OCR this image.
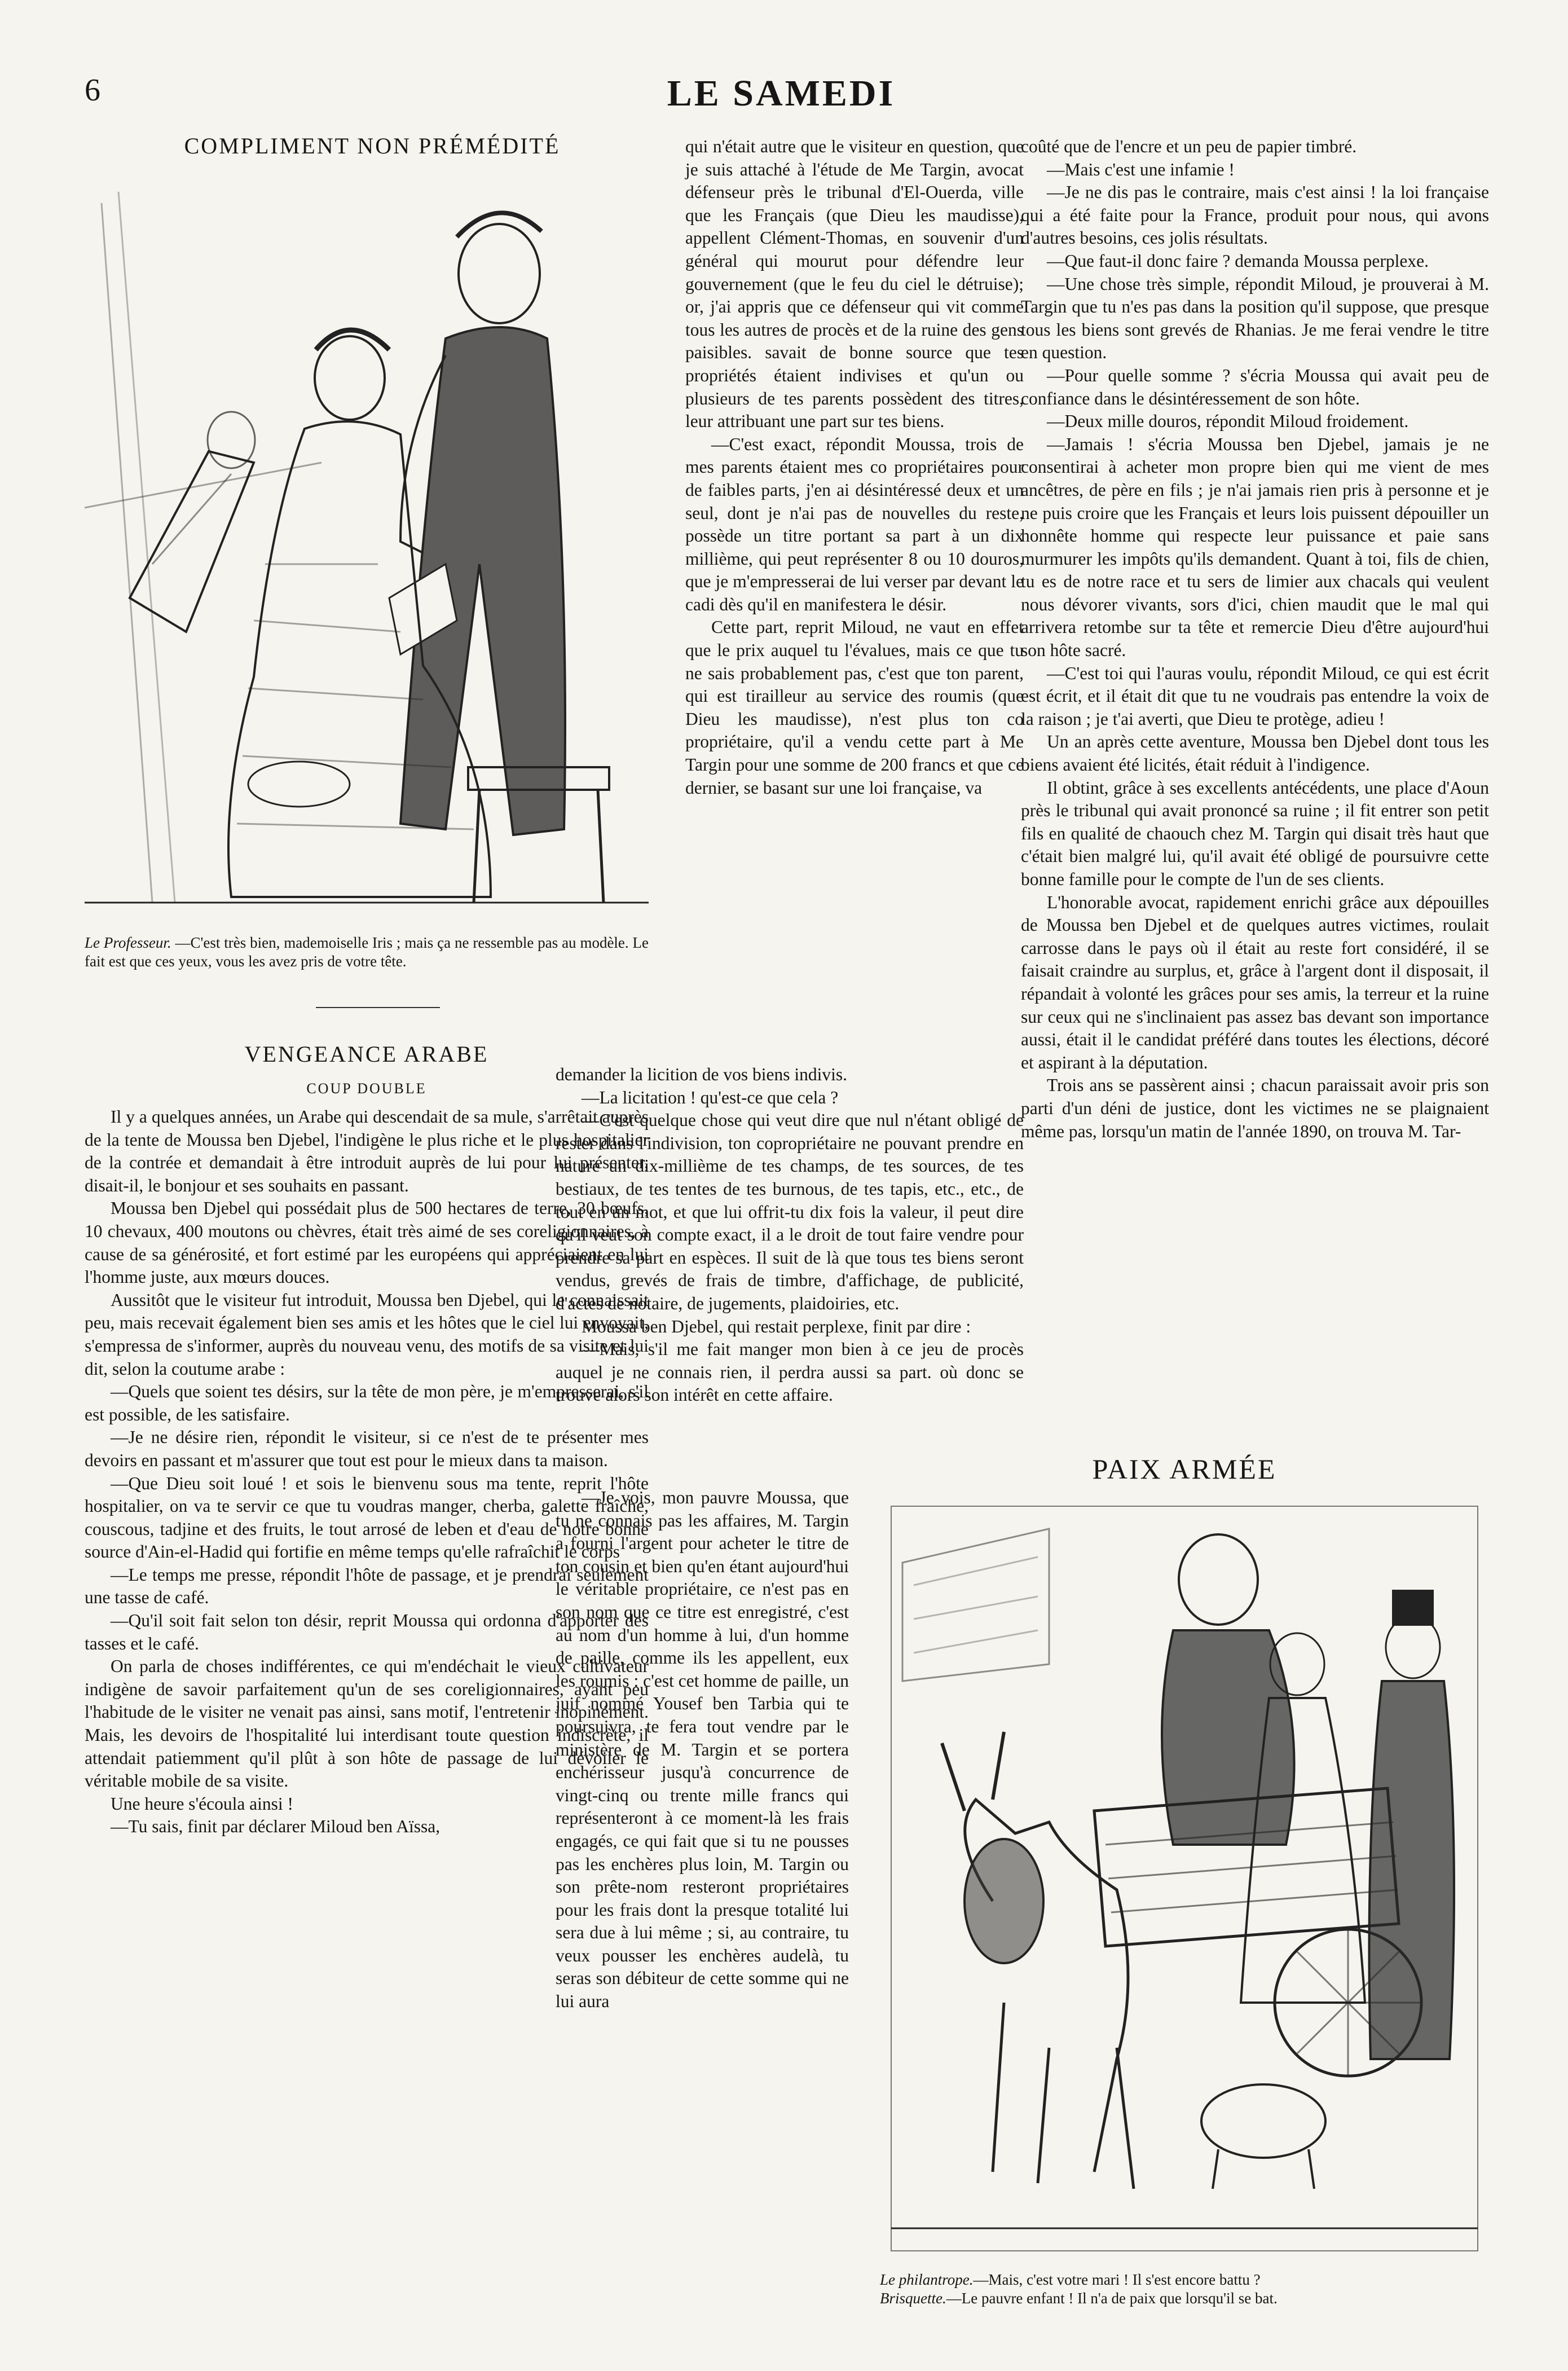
6	LE SAMEDI
COMPLIMENT NON PRÉMÉDITÉ
Le Professeur. —C'est très bien, mademoiselle Iris ; mais ça ne ressemble pas au modèle. Le fait est que ces yeux, vous les avez pris de votre tête.
VENGEANCE ARABE
COUP DOUBLE

Il y a quelques années, un Arabe qui descendait de sa mule, s'arrêtait auprès de la tente de Moussa ben Djebel, l'indigène le plus riche et le plus hospitalier de la contrée et demandait à être introduit auprès de lui pour lui présenter, disait-il, le bonjour et ses souhaits en passant.

Moussa ben Djebel qui possédait plus de 500 hectares de terre, 30 bœufs, 10 chevaux, 400 moutons ou chèvres, était très aimé de ses coreligionnaires, à cause de sa générosité, et fort estimé par les européens qui appréciaient en lui l'homme juste, aux mœurs douces.

Aussitôt que le visiteur fut introduit, Moussa ben Djebel, qui le connaissait peu, mais recevait également bien ses amis et les hôtes que le ciel lui envoyait, s'empressa de s'informer, auprès du nouveau venu, des motifs de sa visite et lui dit, selon la coutume arabe :

—Quels que soient tes désirs, sur la tête de mon père, je m'empresserai, s'il est possible, de les satisfaire.

—Je ne désire rien, répondit le visiteur, si ce n'est de te présenter mes devoirs en passant et m'assurer que tout est pour le mieux dans ta maison.

—Que Dieu soit loué ! et sois le bienvenu sous ma tente, reprit l'hôte hospitalier, on va te servir ce que tu voudras manger, cherba, galette fraîche, couscous, tadjine et des fruits, le tout arrosé de leben et d'eau de notre bonne source d'Ain-el-Hadid qui fortifie en même temps qu'elle rafraîchit le corps

—Le temps me presse, répondit l'hôte de passage, et je prendrai seulement une tasse de café.

—Qu'il soit fait selon ton désir, reprit Moussa qui ordonna d'apporter des tasses et le café.

On parla de choses indifférentes, ce qui m'endéchait le vieux cultivateur indigène de savoir parfaitement qu'un de ses coreligionnaires, ayant peu l'habitude de le visiter ne venait pas ainsi, sans motif, l'entretenir inopinément. Mais, les devoirs de l'hospitalité lui interdisant toute question indiscrète, il attendait patiemment qu'il plût à son hôte de passage de lui dévoiler le véritable mobile de sa visite.

Une heure s'écoula ainsi !

—Tu sais, finit par déclarer Miloud ben Aïssa,

qui n'était autre que le visiteur en question, que je suis attaché à l'étude de Me Targin, avocat défenseur près le tribunal d'El-Ouerda, ville que les Français (que Dieu les maudisse), appellent Clément-Thomas, en souvenir d'un général qui mourut pour défendre leur gouvernement (que le feu du ciel le détruise); or, j'ai appris que ce défenseur qui vit comme tous les autres de procès et de la ruine des gens paisibles. savait de bonne source que tes propriétés étaient indivises et qu'un ou plusieurs de tes parents possèdent des titres, leur attribuant une part sur tes biens.

—C'est exact, répondit Moussa, trois de mes parents étaient mes co propriétaires pour de faibles parts, j'en ai désintéressé deux et un seul, dont je n'ai pas de nouvelles du reste, possède un titre portant sa part à un dix millième, qui peut représenter 8 ou 10 douros, que je m'empresserai de lui verser par devant le cadi dès qu'il en manifestera le désir.

Cette part, reprit Miloud, ne vaut en effet que le prix auquel tu l'évalues, mais ce que tu ne sais probablement pas, c'est que ton parent, qui est tirailleur au service des roumis (que Dieu les maudisse), n'est plus ton co propriétaire, qu'il a vendu cette part à Me Targin pour une somme de 200 francs et que ce dernier, se basant sur une loi française, va

demander la licition de vos biens indivis.

—La licitation ! qu'est-ce que cela ?

—C'est quelque chose qui veut dire que nul n'étant obligé de rester dans l'indivision, ton copropriétaire ne pouvant prendre en nature un dix-millième de tes champs, de tes sources, de tes bestiaux, de tes tentes de tes burnous, de tes tapis, etc., etc., de tout en un mot, et que lui offrit-tu dix fois la valeur, il peut dire qu'il veut son compte exact, il a le droit de tout faire vendre pour prendre sa part en espèces. Il suit de là que tous tes biens seront vendus, grevés de frais de timbre, d'affichage, de publicité, d'actes de notaire, de jugements, plaidoiries, etc.

Moussa ben Djebel, qui restait perplexe, finit par dire :

—Mais, s'il me fait manger mon bien à ce jeu de procès auquel je ne connais rien, il perdra aussi sa part. où donc se trouve alors son intérêt en cette affaire.

—Je vois, mon pauvre Moussa, que tu ne connais pas les affaires, M. Targin a fourni l'argent pour acheter le titre de ton cousin et bien qu'en étant aujourd'hui le véritable propriétaire, ce n'est pas en son nom que ce titre est enregistré, c'est au nom d'un homme à lui, d'un homme de paille, comme ils les appellent, eux les roumis : c'est cet homme de paille, un juif nommé Yousef ben Tarbia qui te poursuivra, te fera tout vendre par le ministère de M. Targin et se portera enchérisseur jusqu'à concurrence de vingt-cinq ou trente mille francs qui représenteront à ce moment-là les frais engagés, ce qui fait que si tu ne pousses pas les enchères plus loin, M. Targin ou son prête-nom resteront propriétaires pour les frais dont la presque totalité lui sera due à lui même ; si, au contraire, tu veux pousser les enchères audelà, tu seras son débiteur de cette somme qui ne lui aura

coûté que de l'encre et un peu de papier timbré.

—Mais c'est une infamie !

—Je ne dis pas le contraire, mais c'est ainsi ! la loi française qui a été faite pour la France, produit pour nous, qui avons d'autres besoins, ces jolis résultats.

—Que faut-il donc faire ? demanda Moussa perplexe.

—Une chose très simple, répondit Miloud, je prouverai à M. Targin que tu n'es pas dans la position qu'il suppose, que presque tous les biens sont grevés de Rhanias. Je me ferai vendre le titre en question.

—Pour quelle somme ? s'écria Moussa qui avait peu de confiance dans le désintéressement de son hôte.

—Deux mille douros, répondit Miloud froidement.

—Jamais ! s'écria Moussa ben Djebel, jamais je ne consentirai à acheter mon propre bien qui me vient de mes ancêtres, de père en fils ; je n'ai jamais rien pris à personne et je ne puis croire que les Français et leurs lois puissent dépouiller un honnête homme qui respecte leur puissance et paie sans murmurer les impôts qu'ils demandent. Quant à toi, fils de chien, tu es de notre race et tu sers de limier aux chacals qui veulent nous dévorer vivants, sors d'ici, chien maudit que le mal qui arrivera retombe sur ta tête et remercie Dieu d'être aujourd'hui son hôte sacré.

—C'est toi qui l'auras voulu, répondit Miloud, ce qui est écrit est écrit, et il était dit que tu ne voudrais pas entendre la voix de la raison ; je t'ai averti, que Dieu te protège, adieu !

Un an après cette aventure, Moussa ben Djebel dont tous les biens avaient été licités, était réduit à l'indigence.

Il obtint, grâce à ses excellents antécédents, une place d'Aoun près le tribunal qui avait prononcé sa ruine ; il fit entrer son petit fils en qualité de chaouch chez M. Targin qui disait très haut que c'était bien malgré lui, qu'il avait été obligé de poursuivre cette bonne famille pour le compte de l'un de ses clients.

L'honorable avocat, rapidement enrichi grâce aux dépouilles de Moussa ben Djebel et de quelques autres victimes, roulait carrosse dans le pays où il était au reste fort considéré, il se faisait craindre au surplus, et, grâce à l'argent dont il disposait, il répandait à volonté les grâces pour ses amis, la terreur et la ruine sur ceux qui ne s'inclinaient pas assez bas devant son importance aussi, était il le candidat préféré dans toutes les élections, décoré et aspirant à la députation.

Trois ans se passèrent ainsi ; chacun paraissait avoir pris son parti d'un déni de justice, dont les victimes ne se plaignaient même pas, lorsqu'un matin de l'année 1890, on trouva M. Tar-

PAIX ARMÉE
Le philantrope.—Mais, c'est votre mari ! Il s'est encore battu ?
Brisquette.—Le pauvre enfant ! Il n'a de paix que lorsqu'il se bat.
